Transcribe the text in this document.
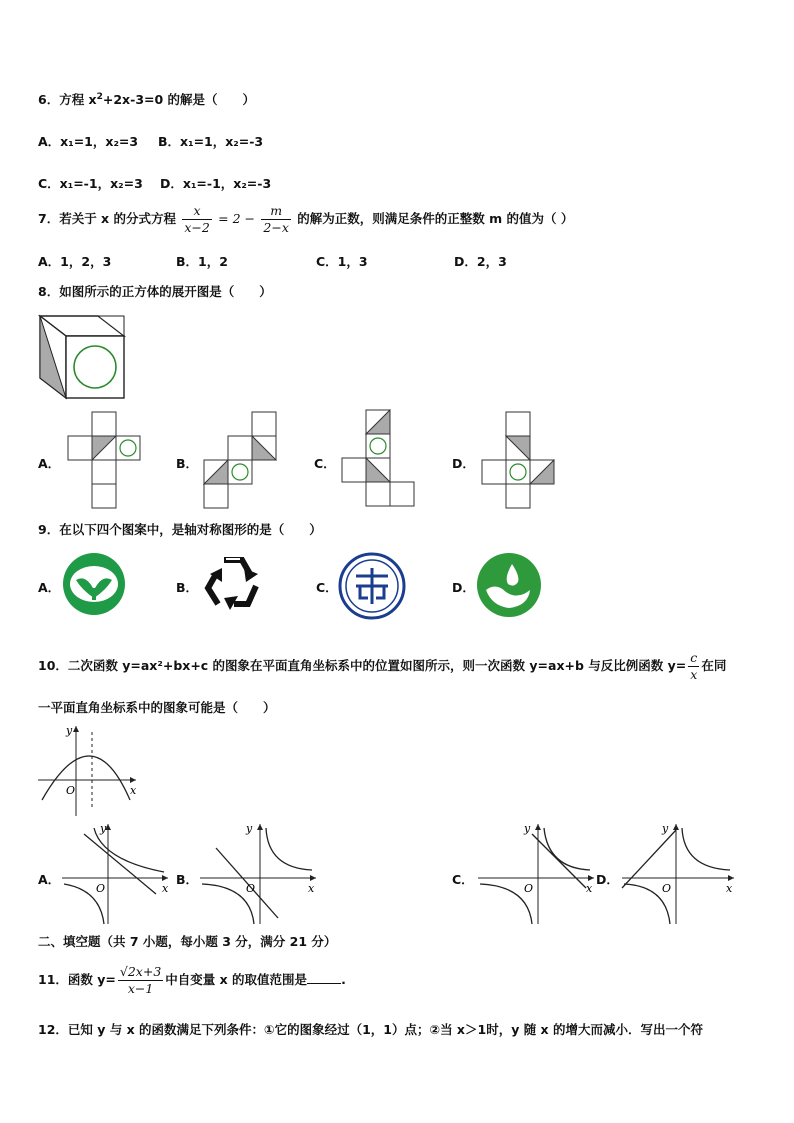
6．方程 $x^2+2x-3=0$ 的解是（　　）
A．x₁=1，x₂=3 B．x₁=1，x₂=-3
C．x₁=-1，x₂=3 D．x₁=-1，x₂=-3
7．若关于 x 的分式方程 $\frac{x}{x-2} = 2 - \frac{m}{2-x}$ 的解为正数，则满足条件的正整数 m 的值为（ ）
A．1，2，3	B．1，2	C．1，3	D．2，3
8．如图所示的正方体的展开图是（　　）
A．	B．	C．	D．
9．在以下四个图案中，是轴对称图形的是（　　）
A．	B．	C．	D．
10．二次函数 y=ax²+bx+c 的图象在平面直角坐标系中的位置如图所示，则一次函数 y=ax+b 与反比例函数 $y= \frac{c}{x}$ 在同
一平面直角坐标系中的图象可能是（　　）
O
y
x
A．
O
y
x
B．
O
y
x
C．
O
y
x
D．
O
y
x
二、填空题（共 7 小题，每小题 3 分，满分 21 分）
11．函数 $y= \frac{√2x+3}{x-1}$ 中自变量 x 的取值范围是	.
12．已知 y 与 x 的函数满足下列条件：①它的图象经过（1，1）点；②当 x＞1时，y 随 x 的增大而减小．写出一个符
